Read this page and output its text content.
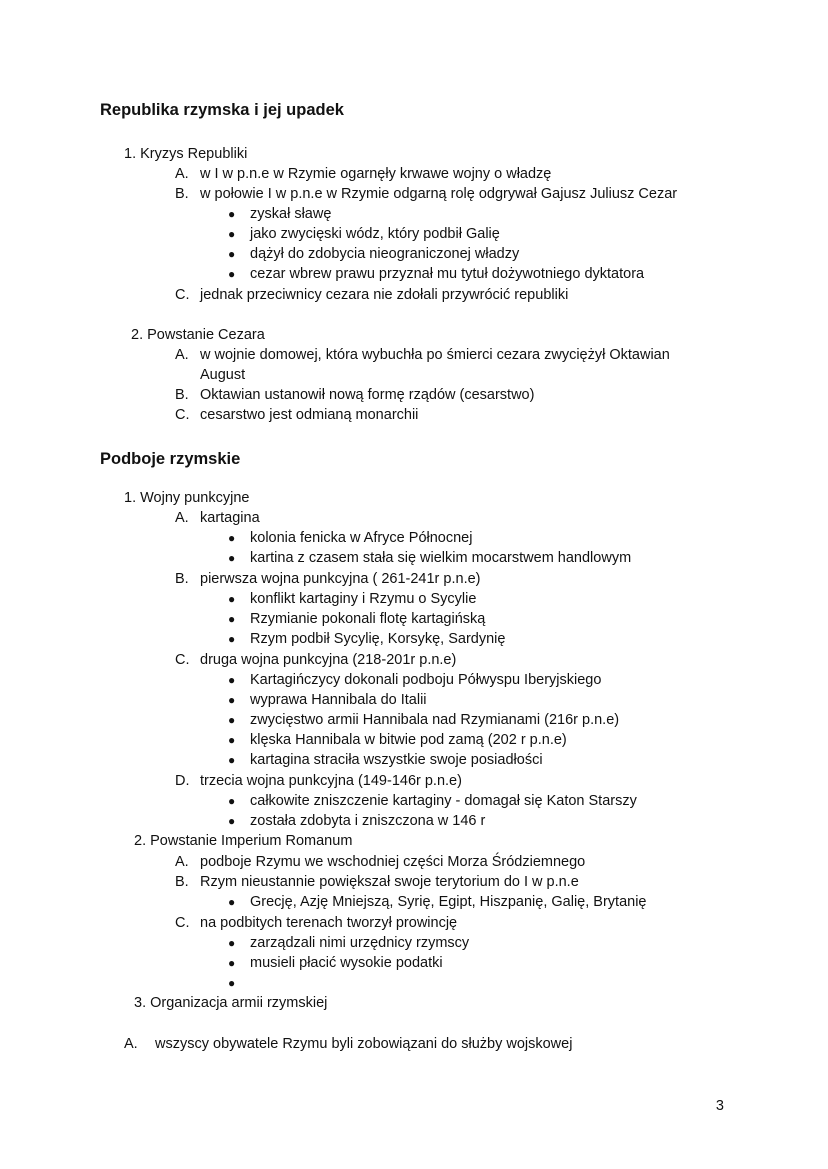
Republika rzymska i jej upadek
1. Kryzys Republiki
A. w I w p.n.e w Rzymie ogarnęły krwawe wojny o władzę
B. w połowie I w p.n.e w Rzymie odgarną rolę odgrywał Gajusz Juliusz Cezar
● zyskał sławę
● jako zwycięski wódz, który podbił Galię
● dążył do zdobycia nieograniczonej władzy
● cezar wbrew prawu przyznał mu tytuł dożywotniego dyktatora
C. jednak przeciwnicy cezara nie zdołali przywrócić republiki
2. Powstanie Cezara
A. w wojnie domowej, która wybuchła po śmierci cezara zwyciężył Oktawian
August
B. Oktawian ustanowił nową formę rządów (cesarstwo)
C. cesarstwo jest odmianą monarchii
Podboje rzymskie
1. Wojny punkcyjne
A. kartagina
● kolonia fenicka w Afryce Północnej
● kartina z czasem stała się wielkim mocarstwem handlowym
B. pierwsza wojna punkcyjna ( 261-241r p.n.e)
● konflikt kartaginy i Rzymu o Sycylie
● Rzymianie pokonali flotę kartagińską
● Rzym podbił Sycylię, Korsykę, Sardynię
C. druga wojna punkcyjna (218-201r p.n.e)
● Kartagińczycy dokonali podboju Półwyspu Iberyjskiego
● wyprawa Hannibala do Italii
● zwycięstwo armii Hannibala nad Rzymianami (216r p.n.e)
● klęska Hannibala w bitwie pod zamą (202 r p.n.e)
● kartagina straciła wszystkie swoje posiadłości
D. trzecia wojna punkcyjna (149-146r p.n.e)
● całkowite zniszczenie kartaginy - domagał się Katon Starszy
● została zdobyta i zniszczona w 146 r
2. Powstanie Imperium Romanum
A. podboje Rzymu we wschodniej części Morza Śródziemnego
B. Rzym nieustannie powiększał swoje terytorium do I w p.n.e
● Grecję, Azję Mniejszą, Syrię, Egipt, Hiszpanię, Galię, Brytanię
C. na podbitych terenach tworzył prowincję
● zarządzali nimi urzędnicy rzymscy
● musieli płacić wysokie podatki
●
3. Organizacja armii rzymskiej
A. wszyscy obywatele Rzymu byli zobowiązani do służby wojskowej
3
